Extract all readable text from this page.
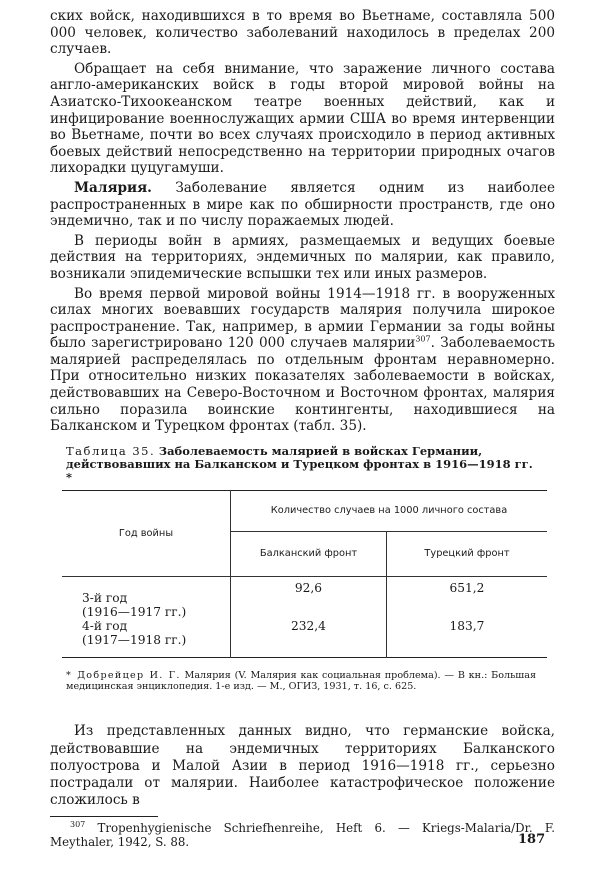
ских войск, находившихся в то время во Вьетнаме, составляла 500 000 человек, количество заболеваний находилось в пределах 200 случаев.

Обращает на себя внимание, что заражение личного состава англо-американских войск в годы второй мировой войны на Азиатско-Тихоокеанском театре военных действий, как и инфицирование военнослужащих армии США во время интервенции во Вьетнаме, почти во всех случаях происходило в период активных боевых действий непосредственно на территории природных очагов лихорадки цуцугамуши.

Малярия. Заболевание является одним из наиболее распространенных в мире как по обширности пространств, где оно эндемично, так и по числу поражаемых людей.

В периоды войн в армиях, размещаемых и ведущих боевые действия на территориях, эндемичных по малярии, как правило, возникали эпидемические вспышки тех или иных размеров.

Во время первой мировой войны 1914—1918 гг. в вооруженных силах многих воевавших государств малярия получила широкое распространение. Так, например, в армии Германии за годы войны было зарегистрировано 120 000 случаев малярии$^{307}$. Заболеваемость малярией распределялась по отдельным фронтам неравномерно. При относительно низких показателях заболеваемости в войсках, действовавших на Северо-Восточном и Восточном фронтах, малярия сильно поразила воинские контингенты, находившиеся на Балканском и Турецком фронтах (табл. 35).

Таблица 35. Заболеваемость малярией в войсках Германии, действовавших на Балканском и Турецком фронтах в 1916—1918 гг. *
Год войны	Количество случаев на 1000 личного состава	
	Балканский фронт	Турецкий фронт

3-й год
(1916—1917 гг.)	92,6	651,2

4-й год
(1917—1918 гг.)	232,4	183,7
* Добрейцер И. Г. Малярия (V. Малярия как социальная проблема). — В кн.: Большая медицинская энциклопедия. 1-е изд. — М., ОГИЗ, 1931, т. 16, с. 625.

Из представленных данных видно, что германские войска, действовавшие на эндемичных территориях Балканского полуострова и Малой Азии в период 1916—1918 гг., серьезно пострадали от малярии. Наиболее катастрофическое положение сложилось в

$^{307}$ Tropenhygienische Schriefhenreihe, Heft 6. — Kriegs-Malaria/Dr. F. Meythaler, 1942, S. 88.	187
